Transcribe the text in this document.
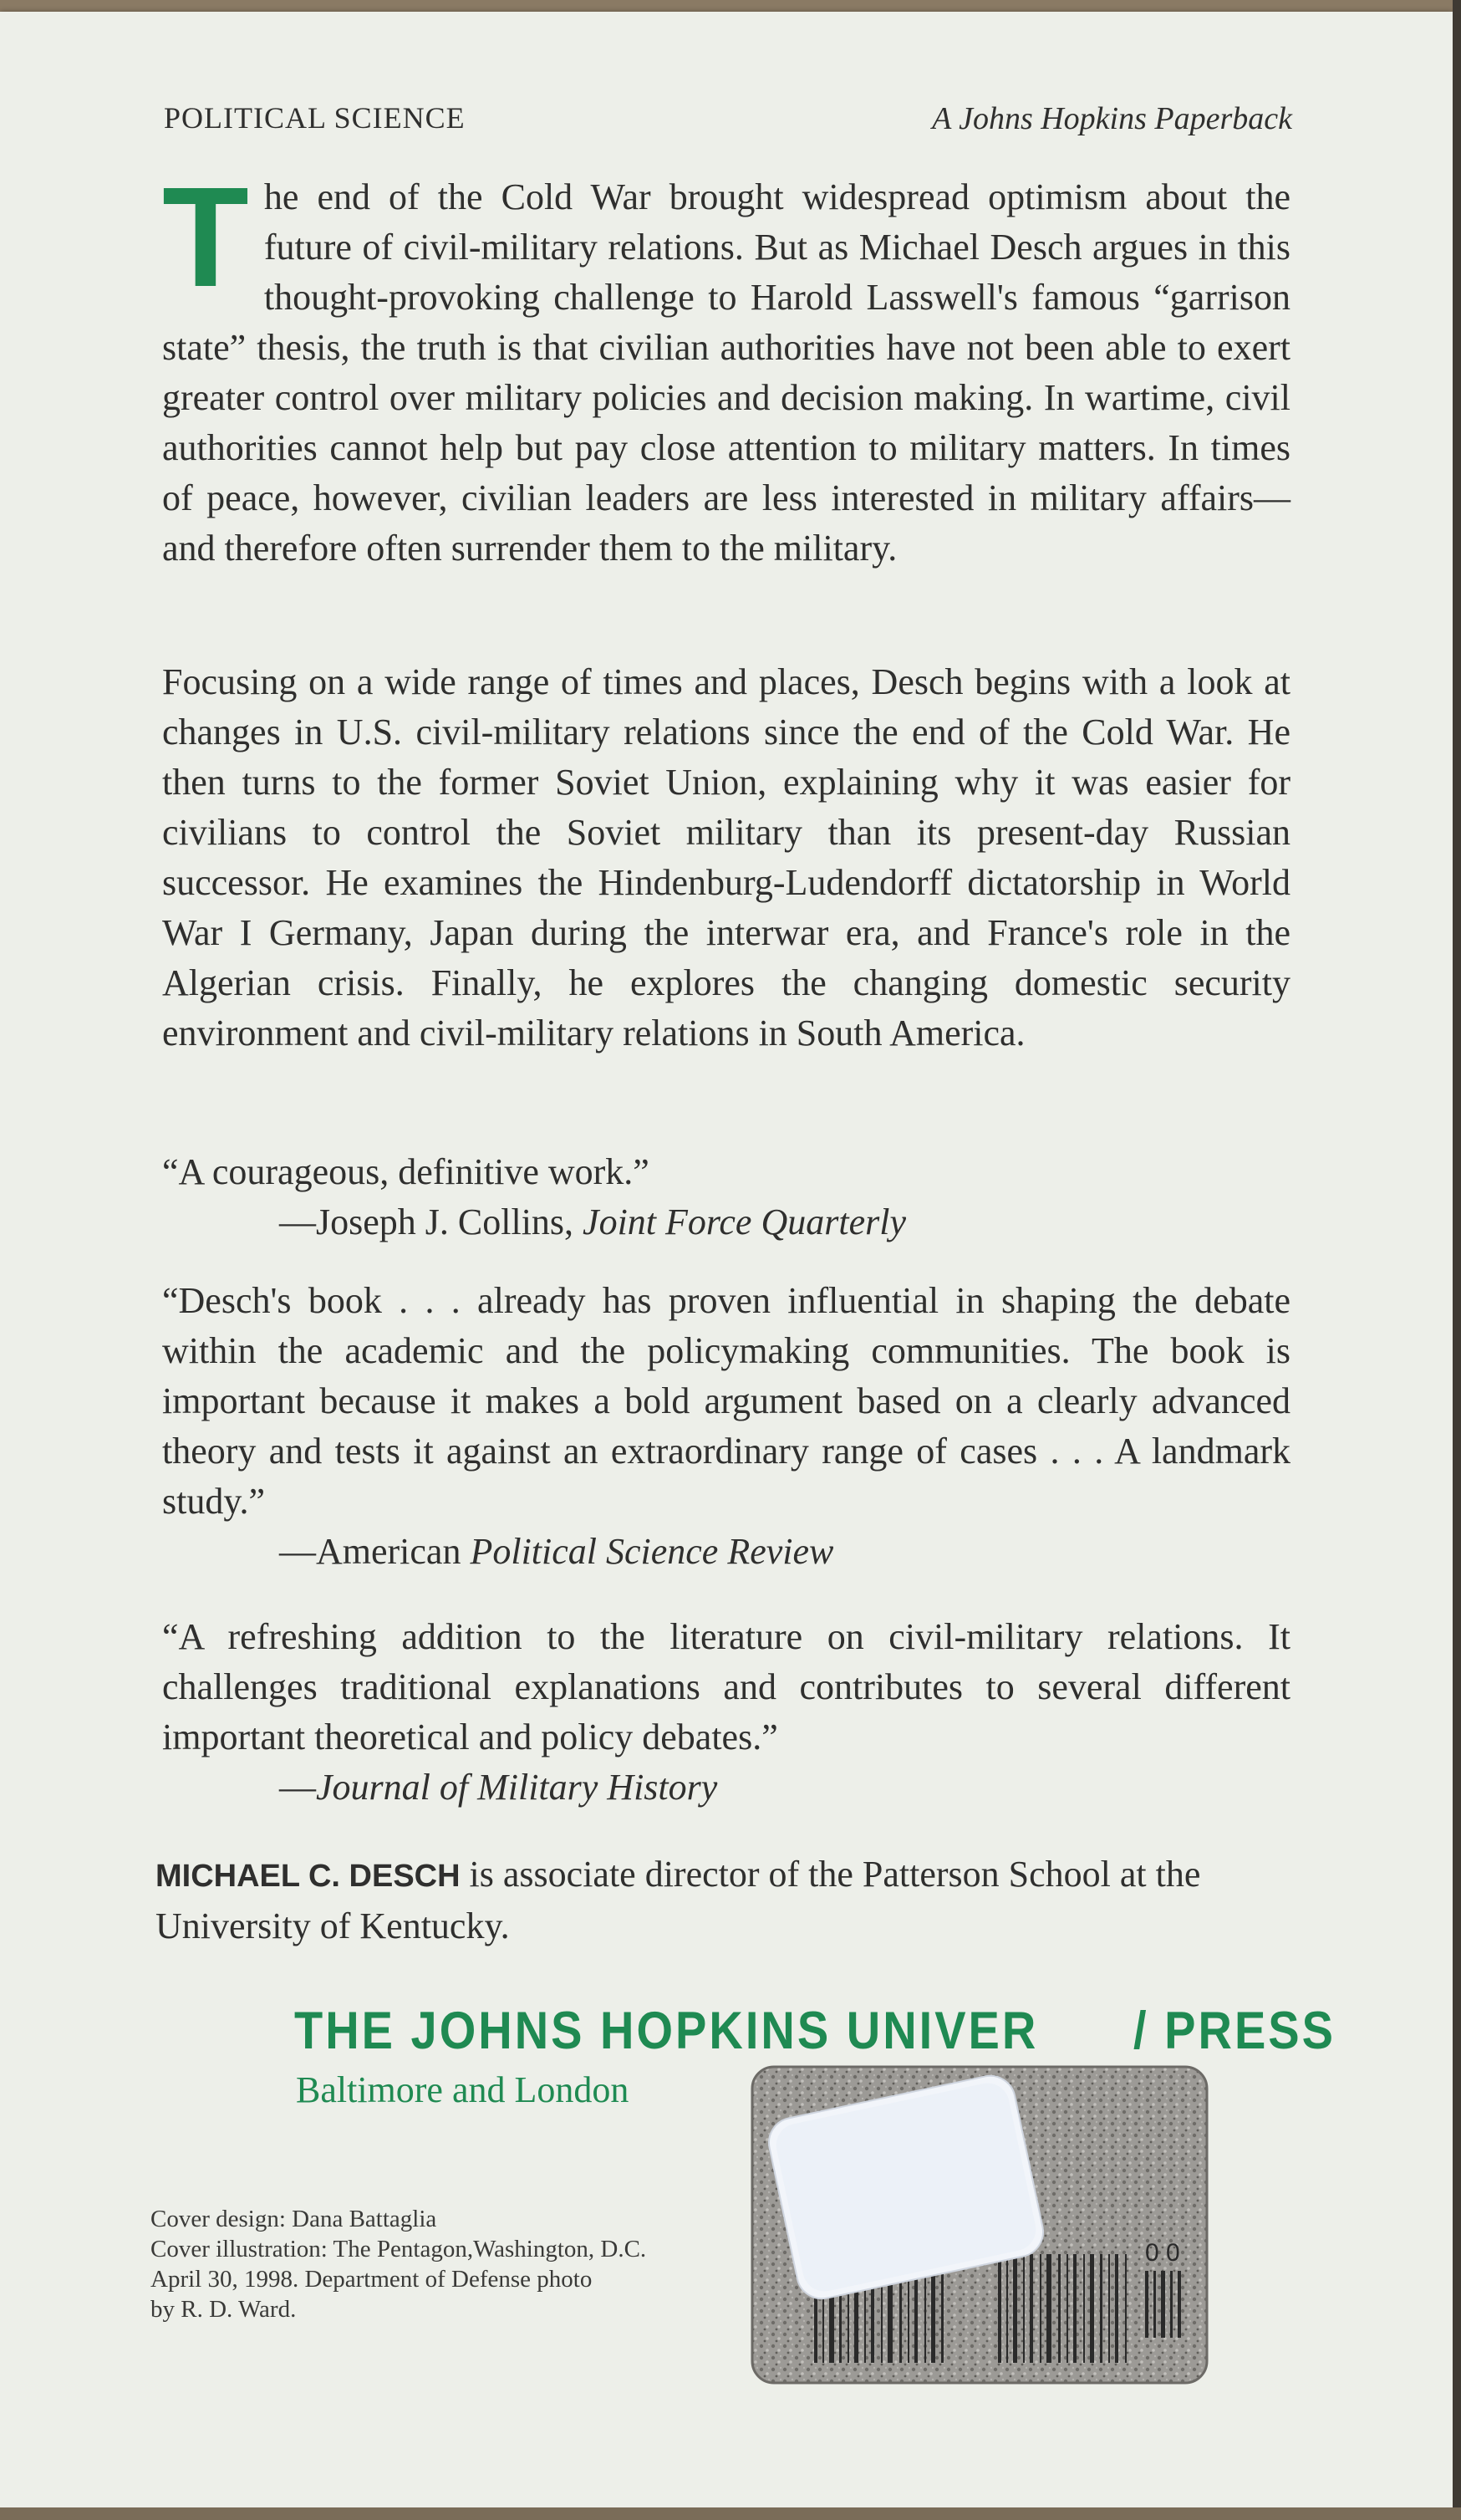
POLITICAL SCIENCE	A Johns Hopkins Paperback

The end of the Cold War brought widespread optimism about the future of civil-military relations. But as Michael Desch argues in this thought-provoking challenge to Harold Lasswell's famous “garrison state” thesis, the truth is that civilian authorities have not been able to exert greater control over military policies and decision making. In wartime, civil authorities cannot help but pay close attention to military matters. In times of peace, however, civilian leaders are less interested in military affairs—and therefore often surrender them to the military.

Focusing on a wide range of times and places, Desch begins with a look at changes in U.S. civil-military relations since the end of the Cold War. He then turns to the former Soviet Union, explaining why it was easier for civilians to control the Soviet military than its present-day Russian successor. He examines the Hindenburg-Ludendorff dictatorship in World War I Germany, Japan during the interwar era, and France's role in the Algerian crisis. Finally, he explores the changing domestic security environment and civil-military relations in South America.

“A courageous, definitive work.”
—Joseph J. Collins, Joint Force Quarterly
“Desch's book . . . already has proven influential in shaping the debate within the academic and the policymaking communities. The book is important because it makes a bold argument based on a clearly advanced theory and tests it against an extraordinary range of cases . . . A landmark study.”
—American Political Science Review
“A refreshing addition to the literature on civil-military relations. It challenges traditional explanations and contributes to several different important theoretical and policy debates.”
—Journal of Military History
MICHAEL C. DESCH is associate director of the Patterson School at the University of Kentucky.
THE JOHNS HOPKINS UNIVER        / PRESS
Baltimore and London
Cover design: Dana Battaglia
Cover illustration: The Pentagon,Washington, D.C.
April 30, 1998. Department of Defense photo
by R. D. Ward.
0 0
